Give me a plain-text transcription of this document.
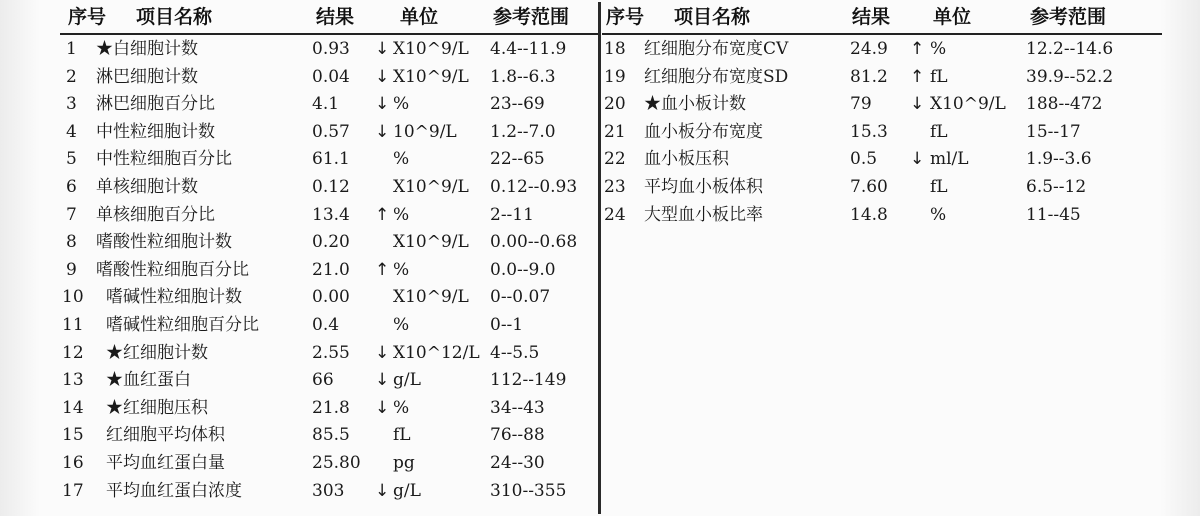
序号 项目名称	结果 单位	参考范围
1 ★白细胞计数	0.93 ↓ X10^9/L 4.4--11.9
2 淋巴细胞计数	0.04 ↓ X10^9/L 1.8--6.3
3 淋巴细胞百分比	4.1 ↓ %	23--69
4 中性粒细胞计数	0.57 ↓ 10^9/L 1.2--7.0
5 中性粒细胞百分比	61.1	%	22--65
6 单核细胞计数	0.12	X10^9/L 0.12--0.93
7 单核细胞百分比	13.4 ↑ %	2--11
8 嗜酸性粒细胞计数	0.20	X10^9/L 0.00--0.68
9 嗜酸性粒细胞百分比	21.0 ↑ %	0.0--9.0
10 嗜碱性粒细胞计数	0.00	X10^9/L 0--0.07
11 嗜碱性粒细胞百分比	0.4	%	0--1
12 ★红细胞计数	2.55 ↓ X10^12/L 4--5.5
13 ★血红蛋白	66 ↓ g/L	112--149
14 ★红细胞压积	21.8 ↓ %	34--43
15 红细胞平均体积	85.5	fL	76--88
16 平均血红蛋白量	25.80 pg	24--30
17 平均血红蛋白浓度	303 ↓ g/L	310--355
序号 项目名称	结果 单位	参考范围
18 红细胞分布宽度CV	24.9 ↑ %	12.2--14.6
19 红细胞分布宽度SD	81.2 ↑ fL	39.9--52.2
20 ★血小板计数	79 ↓ X10^9/L 188--472
21 血小板分布宽度	15.3 fL	15--17
22 血小板压积	0.5 ↓ ml/L	1.9--3.6
23 平均血小板体积	7.60 fL	6.5--12
24 大型血小板比率	14.8 %	11--45
